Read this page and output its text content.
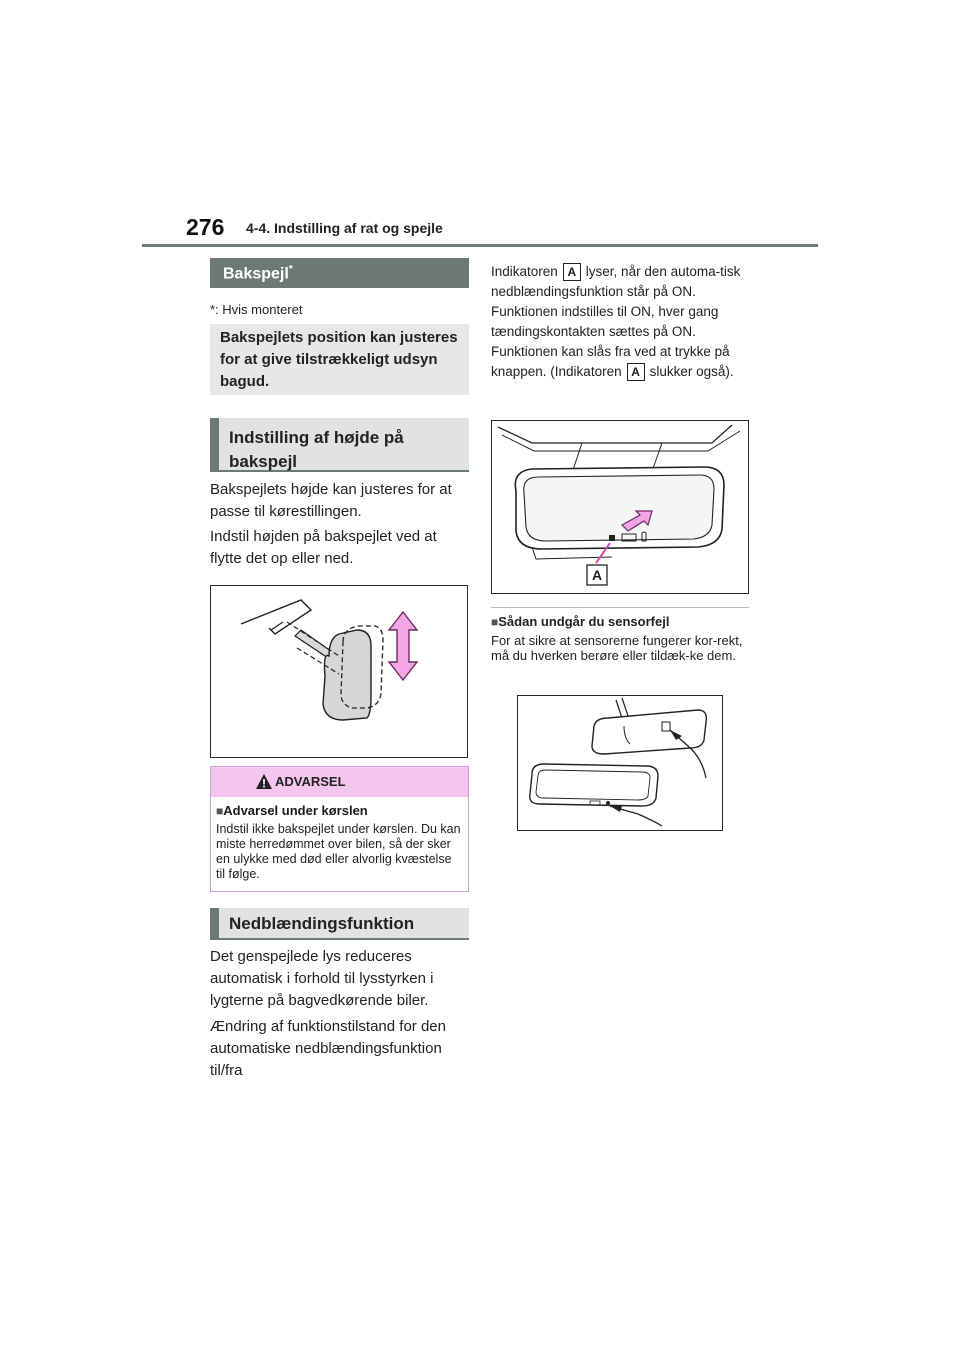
276 4-4. Indstilling af rat og spejle
Bakspejl*
*: Hvis monteret
Bakspejlets position kan justeres for at give tilstrækkeligt udsyn bagud.
Indstilling af højde på bakspejl
Bakspejlets højde kan justeres for at passe til kørestillingen.
Indstil højden på bakspejlet ved at flytte det op eller ned.
ADVARSEL
■Advarsel under kørslen
Indstil ikke bakspejlet under kørslen. Du kan miste herredømmet over bilen, så der sker en ulykke med død eller alvorlig kvæstelse til følge.
Nedblændingsfunktion
Det genspejlede lys reduceres automatisk i forhold til lysstyrken i lygterne på bagvedkørende biler.
Ændring af funktionstilstand for den automatiske nedblændingsfunktion til/fra
Indikatoren A lyser, når den automa-tisk nedblændingsfunktion står på ON. Funktionen indstilles til ON, hver gang tændingskontakten sættes på ON. Funktionen kan slås fra ved at trykke på knappen. (Indikatoren A slukker også).
A
■Sådan undgår du sensorfejl
For at sikre at sensorerne fungerer kor-rekt, må du hverken berøre eller tildæk-ke dem.
